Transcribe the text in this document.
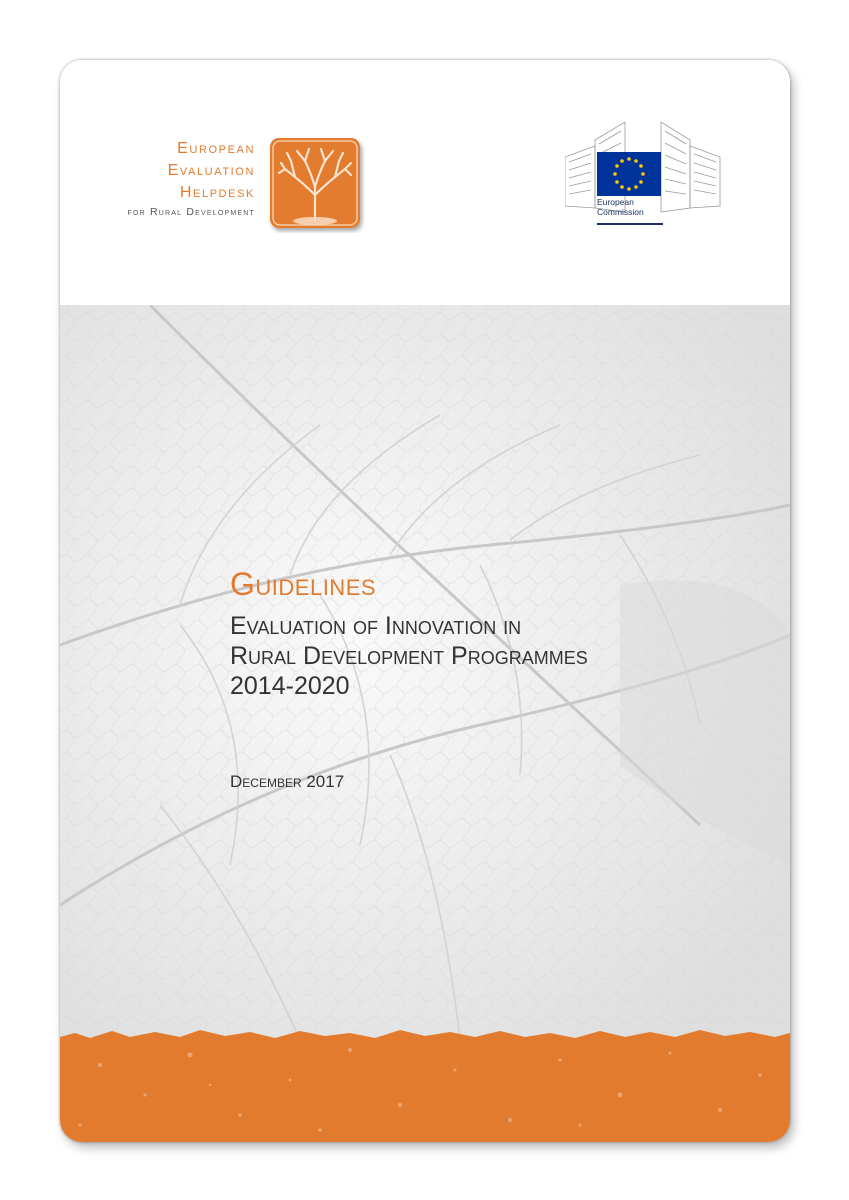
European
Evaluation
Helpdesk
for Rural Development
European
Commission
Guidelines
Evaluation of Innovation in
Rural Development Programmes
2014-2020
December 2017
